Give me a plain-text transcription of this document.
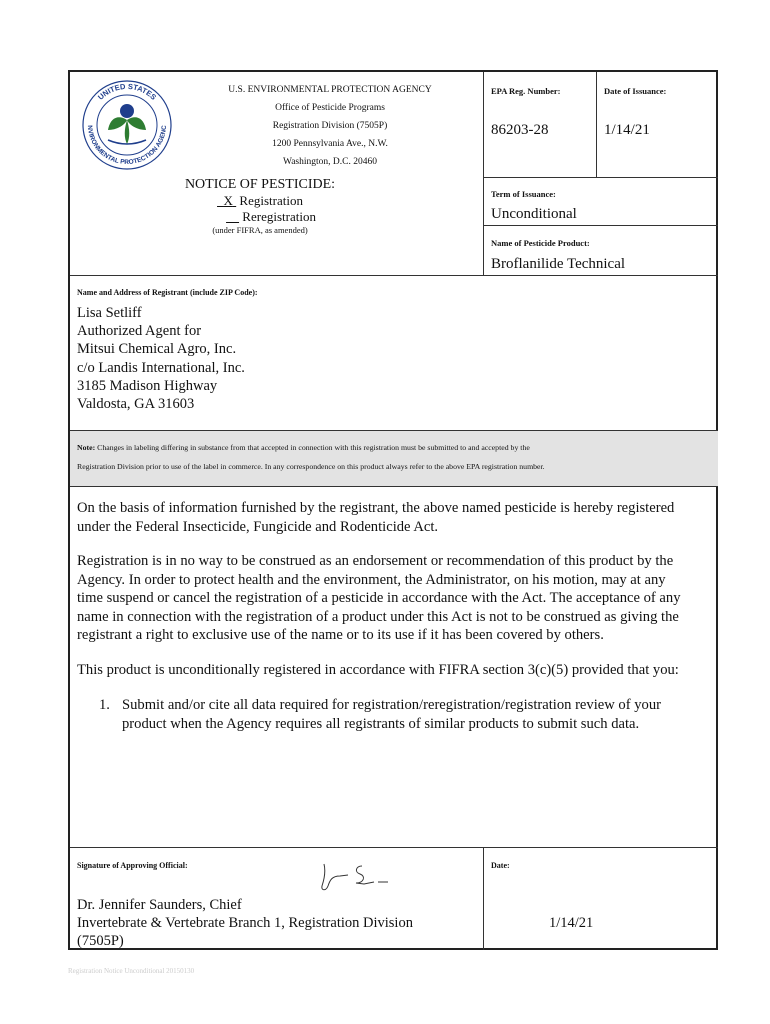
UNITED STATES
NVIRONMENTAL PROTECTION AGENC
U.S. ENVIRONMENTAL PROTECTION AGENCY
Office of Pesticide Programs
Registration Division (7505P)
1200 Pennsylvania Ave., N.W.
Washington, D.C. 20460
NOTICE OF PESTICIDE:
X Registration
Reregistration
(under FIFRA, as amended)
EPA Reg. Number:
86203-28
Date of Issuance:
1/14/21
Term of Issuance:
Unconditional
Name of Pesticide Product:
Broflanilide Technical
Name and Address of Registrant (include ZIP Code):
Lisa Setliff
Authorized Agent for
Mitsui Chemical Agro, Inc.
c/o Landis International, Inc.
3185 Madison Highway
Valdosta, GA 31603
Note: Changes in labeling differing in substance from that accepted in connection with this registration must be submitted to and accepted by the
Registration Division prior to use of the label in commerce. In any correspondence on this product always refer to the above EPA registration number.
On the basis of information furnished by the registrant, the above named pesticide is hereby registered
under the Federal Insecticide, Fungicide and Rodenticide Act.
Registration is in no way to be construed as an endorsement or recommendation of this product by the
Agency. In order to protect health and the environment, the Administrator, on his motion, may at any
time suspend or cancel the registration of a pesticide in accordance with the Act. The acceptance of any
name in connection with the registration of a product under this Act is not to be construed as giving the
registrant a right to exclusive use of the name or to its use if it has been covered by others.
This product is unconditionally registered in accordance with FIFRA section 3(c)(5) provided that you:
1. Submit and/or cite all data required for registration/reregistration/registration review of your
product when the Agency requires all registrants of similar products to submit such data.
Signature of Approving Official:
Dr. Jennifer Saunders, Chief
Invertebrate & Vertebrate Branch 1, Registration Division
(7505P)
Date:
1/14/21
Registration Notice Unconditional 20150130
